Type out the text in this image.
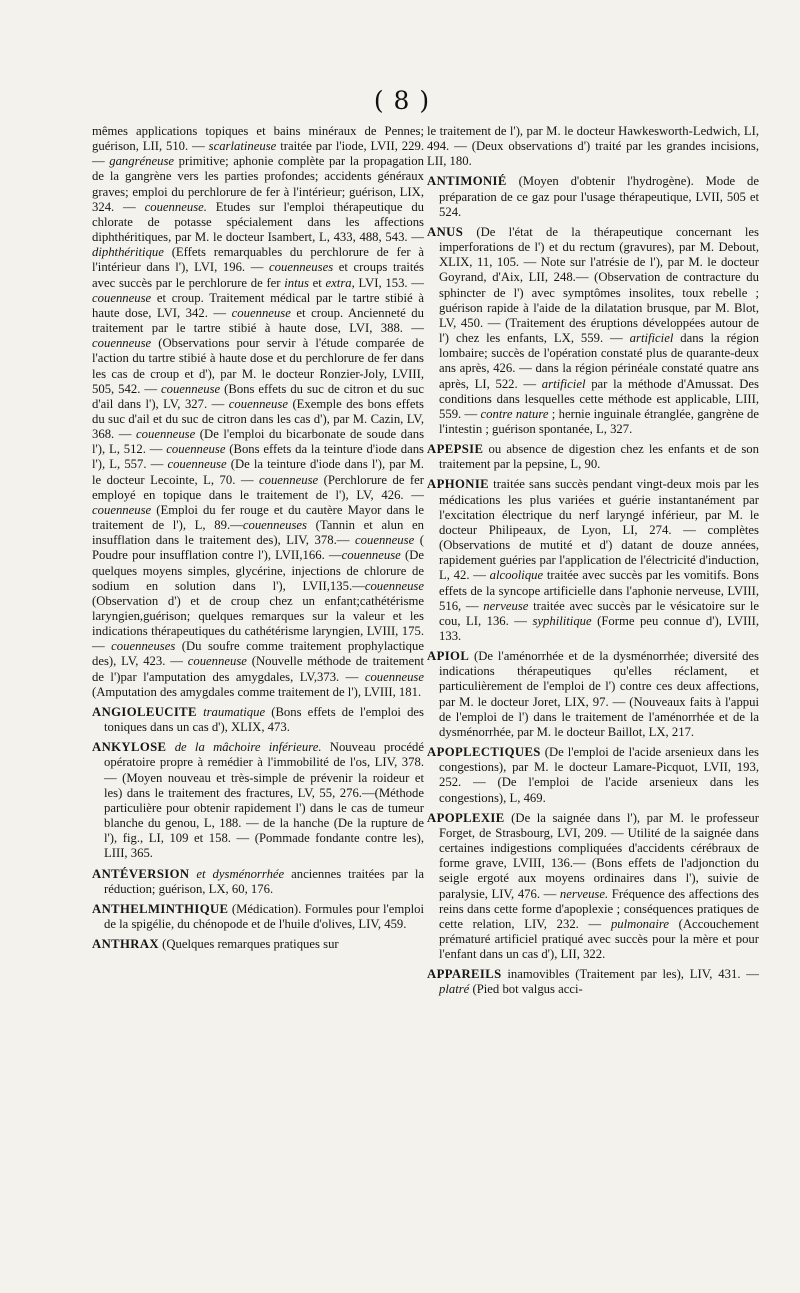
( 8 )

mêmes applications topiques et bains minéraux de Pennes; guérison, LII, 510. — scarlatineuse traitée par l'iode, LVII, 229. — gangréneuse primitive; aphonie complète par la propagation de la gangrène vers les parties profondes; accidents généraux graves; emploi du perchlorure de fer à l'intérieur; guérison, LIX, 324. — couenneuse. Etudes sur l'emploi thérapeutique du chlorate de potasse spécialement dans les affections diphthéritiques, par M. le docteur Isambert, L, 433, 488, 543. — diphthéritique (Effets remarquables du perchlorure de fer à l'intérieur dans l'), LVI, 196. — couenneuses et croups traités avec succès par le perchlorure de fer intus et extra, LVI, 153. — couenneuse et croup. Traitement médical par le tartre stibié à haute dose, LVI, 342. — couenneuse et croup. Ancienneté du traitement par le tartre stibié à haute dose, LVI, 388. — couenneuse (Observations pour servir à l'étude comparée de l'action du tartre stibié à haute dose et du perchlorure de fer dans les cas de croup et d'), par M. le docteur Ronzier-Joly, LVIII, 505, 542. — couenneuse (Bons effets du suc de citron et du suc d'ail dans l'), LV, 327. — couenneuse (Exemple des bons effets du suc d'ail et du suc de citron dans les cas d'), par M. Cazin, LV, 368. — couenneuse (De l'emploi du bicarbonate de soude dans l'), L, 512. — couenneuse (Bons effets da la teinture d'iode dans l'), L, 557. — couenneuse (De la teinture d'iode dans l'), par M. le docteur Lecointe, L, 70. — couenneuse (Perchlorure de fer employé en topique dans le traitement de l'), LV, 426. — couenneuse (Emploi du fer rouge et du cautère Mayor dans le traitement de l'), L, 89.—couenneuses (Tannin et alun en insufflation dans le traitement des), LIV, 378.— couenneuse ( Poudre pour insufflation contre l'), LVII,166. —couenneuse (De quelques moyens simples, glycérine, injections de chlorure de sodium en solution dans l'), LVII,135.—couenneuse (Observation d') et de croup chez un enfant;cathétérisme laryngien,guérison; quelques remarques sur la valeur et les indications thérapeutiques du cathétérisme laryngien, LVIII, 175. — couenneuses (Du soufre comme traitement prophylactique des), LV, 423. — couenneuse (Nouvelle méthode de traitement de l')par l'amputation des amygdales, LV,373. — couenneuse (Amputation des amygdales comme traitement de l'), LVIII, 181.

ANGIOLEUCITE traumatique (Bons effets de l'emploi des toniques dans un cas d'), XLIX, 473.

ANKYLOSE de la mâchoire inférieure. Nouveau procédé opératoire propre à remédier à l'immobilité de l'os, LIV, 378. — (Moyen nouveau et très-simple de prévenir la roideur et les) dans le traitement des fractures, LV, 55, 276.—(Méthode particulière pour obtenir rapidement l') dans le cas de tumeur blanche du genou, L, 188. — de la hanche (De la rupture de l'), fig., LI, 109 et 158. — (Pommade fondante contre les), LIII, 365.

ANTÉVERSION et dysménorrhée anciennes traitées par la réduction; guérison, LX, 60, 176.

ANTHELMINTHIQUE (Médication). Formules pour l'emploi de la spigélie, du chénopode et de l'huile d'olives, LIV, 459.

ANTHRAX (Quelques remarques pratiques sur

le traitement de l'), par M. le docteur Hawkesworth-Ledwich, LI, 494. — (Deux observations d') traité par les grandes incisions, LII, 180.

ANTIMONIÉ (Moyen d'obtenir l'hydrogène). Mode de préparation de ce gaz pour l'usage thérapeutique, LVII, 505 et 524.

ANUS (De l'état de la thérapeutique concernant les imperforations de l') et du rectum (gravures), par M. Debout, XLIX, 11, 105. — Note sur l'atrésie de l'), par M. le docteur Goyrand, d'Aix, LII, 248.— (Observation de contracture du sphincter de l') avec symptômes insolites, toux rebelle ; guérison rapide à l'aide de la dilatation brusque, par M. Blot, LV, 450. — (Traitement des éruptions développées autour de l') chez les enfants, LX, 559. — artificiel dans la région lombaire; succès de l'opération constaté plus de quarante-deux ans après, 426. — dans la région périnéale constaté quatre ans après, LI, 522. — artificiel par la méthode d'Amussat. Des conditions dans lesquelles cette méthode est applicable, LIII, 559. — contre nature ; hernie inguinale étranglée, gangrène de l'intestin ; guérison spontanée, L, 327.

APEPSIE ou absence de digestion chez les enfants et de son traitement par la pepsine, L, 90.

APHONIE traitée sans succès pendant vingt-deux mois par les médications les plus variées et guérie instantanément par l'excitation électrique du nerf laryngé inférieur, par M. le docteur Philipeaux, de Lyon, LI, 274. — complètes (Observations de mutité et d') datant de douze années, rapidement guéries par l'application de l'électricité d'induction, L, 42. — alcoolique traitée avec succès par les vomitifs. Bons effets de la syncope artificielle dans l'aphonie nerveuse, LVIII, 516, — nerveuse traitée avec succès par le vésicatoire sur le cou, LI, 136. — syphilitique (Forme peu connue d'), LVIII, 133.

APIOL (De l'aménorrhée et de la dysménorrhée; diversité des indications thérapeutiques qu'elles réclament, et particulièrement de l'emploi de l') contre ces deux affections, par M. le docteur Joret, LIX, 97. — (Nouveaux faits à l'appui de l'emploi de l') dans le traitement de l'aménorrhée et de la dysménorrhée, par M. le docteur Baillot, LX, 217.

APOPLECTIQUES (De l'emploi de l'acide arsenieux dans les congestions), par M. le docteur Lamare-Picquot, LVII, 193, 252. — (De l'emploi de l'acide arsenieux dans les congestions), L, 469.

APOPLEXIE (De la saignée dans l'), par M. le professeur Forget, de Strasbourg, LVI, 209. — Utilité de la saignée dans certaines indigestions compliquées d'accidents cérébraux de forme grave, LVIII, 136.— (Bons effets de l'adjonction du seigle ergoté aux moyens ordinaires dans l'), suivie de paralysie, LIV, 476. — nerveuse. Fréquence des affections des reins dans cette forme d'apoplexie ; conséquences pratiques de cette relation, LIV, 232. — pulmonaire (Accouchement prématuré artificiel pratiqué avec succès pour la mère et pour l'enfant dans un cas d'), LII, 322.

APPAREILS inamovibles (Traitement par les), LIV, 431. — platré (Pied bot valgus acci-
